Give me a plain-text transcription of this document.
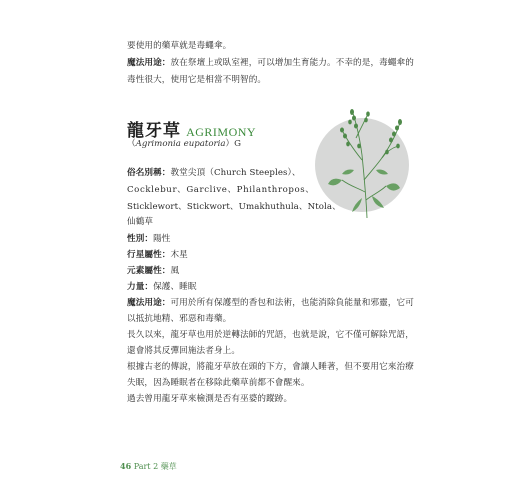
要使用的藥草就是毒蠅傘。
魔法用途：放在祭壇上或臥室裡，可以增加生育能力。不幸的是，毒蠅傘的
毒性很大，使用它是相當不明智的。
龍牙草 AGRIMONY
（Agrimonia eupatoria）G
俗名別稱：教堂尖頂（Church Steeples）、
Cocklebur、Garclive、Philanthropos、
Sticklewort、Stickwort、Umakhuthula、Ntola、
仙鶴草
性別：陽性
行星屬性：木星
元素屬性：風
力量：保護、睡眠
魔法用途：可用於所有保護型的香包和法術，也能消除負能量和邪靈，它可
以抵抗地精、邪惡和毒藥。
長久以來，龍牙草也用於逆轉法師的咒語，也就是說，它不僅可解除咒語，
還會將其反彈回施法者身上。
根據古老的傳說，將龍牙草放在頭的下方，會讓人睡著，但不要用它來治療
失眠，因為睡眠者在移除此藥草前都不會醒來。
過去曾用龍牙草來檢測是否有巫婆的蹤跡。
46 Part 2 藥草
